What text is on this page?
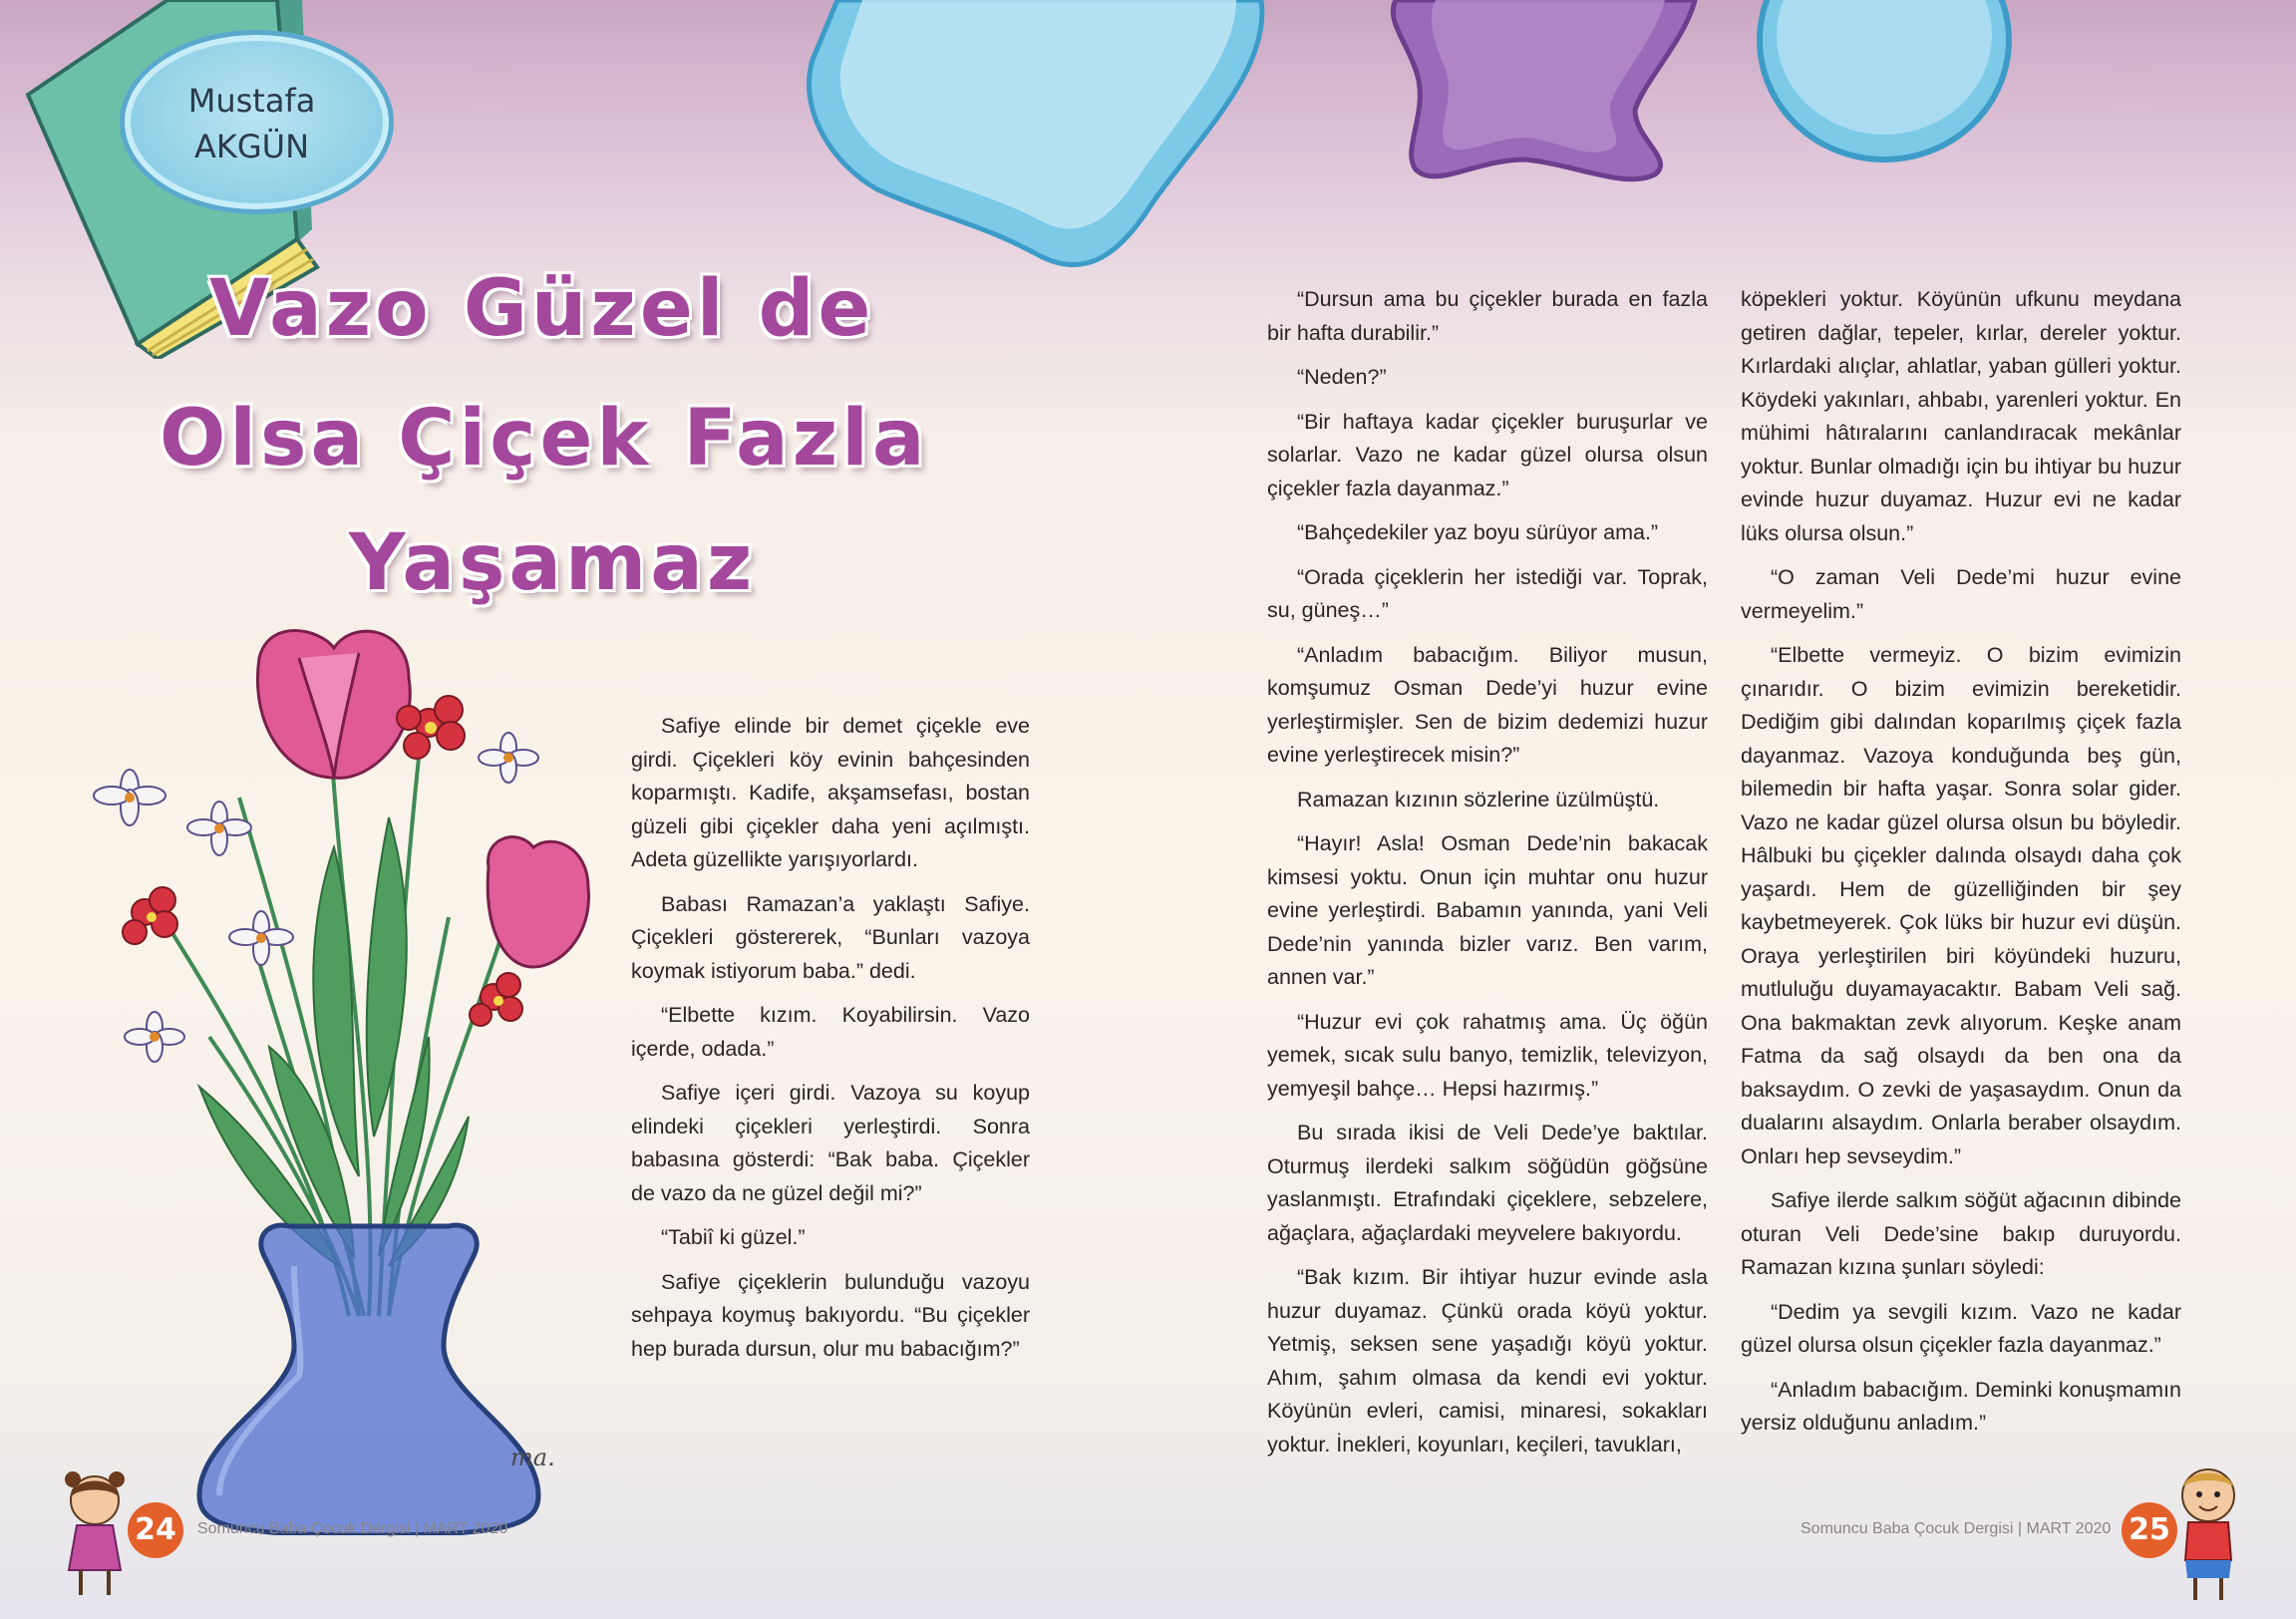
Mustafa
AKGÜN
Vazo Güzel de
Olsa Çiçek Fazla
Yaşamaz
ma.

Safiye elinde bir demet çiçekle eve girdi. Çiçekleri köy evinin bahçesinden koparmıştı. Kadife, akşamsefası, bostan güzeli gibi çiçekler daha yeni açılmıştı. Adeta güzellikte yarışıyorlardı.

Babası Ramazan’a yaklaştı Safiye. Çiçekleri göstererek, “Bunları vazoya koymak istiyorum baba.” dedi.

“Elbette kızım. Koyabilirsin. Vazo içerde, odada.”

Safiye içeri girdi. Vazoya su koyup elindeki çiçekleri yerleştirdi. Sonra babasına gösterdi: “Bak baba. Çiçekler de vazo da ne güzel değil mi?”

“Tabiî ki güzel.”

Safiye çiçeklerin bulunduğu vazoyu sehpaya koymuş bakıyordu. “Bu çiçekler hep burada dursun, olur mu babacığım?”

“Dursun ama bu çiçekler burada en fazla bir hafta durabilir.”

“Neden?”

“Bir haftaya kadar çiçekler buruşurlar ve solarlar. Vazo ne kadar güzel olursa olsun çiçekler fazla dayanmaz.”

“Bahçedekiler yaz boyu sürüyor ama.”

“Orada çiçeklerin her istediği var. Toprak, su, güneş…”

“Anladım babacığım. Biliyor musun, komşumuz Osman Dede’yi huzur evine yerleştirmişler. Sen de bizim dedemizi huzur evine yerleştirecek misin?”

Ramazan kızının sözlerine üzülmüştü.

“Hayır! Asla! Osman Dede’nin bakacak kimsesi yoktu. Onun için muhtar onu huzur evine yerleştirdi. Babamın yanında, yani Veli Dede’nin yanında bizler varız. Ben varım, annen var.”

“Huzur evi çok rahatmış ama. Üç öğün yemek, sıcak sulu banyo, temizlik, televizyon, yemyeşil bahçe… Hepsi hazırmış.”

Bu sırada ikisi de Veli Dede’ye baktılar. Oturmuş ilerdeki salkım söğüdün göğsüne yaslanmıştı. Etrafındaki çiçeklere, sebzelere, ağaçlara, ağaçlardaki meyvelere bakıyordu.

“Bak kızım. Bir ihtiyar huzur evinde asla huzur duyamaz. Çünkü orada köyü yoktur. Yetmiş, seksen sene yaşadığı köyü yoktur. Ahım, şahım olmasa da kendi evi yoktur. Köyünün evleri, camisi, minaresi, sokakları yoktur. İnekleri, koyunları, keçileri, tavukları,

köpekleri yoktur. Köyünün ufkunu meydana getiren dağlar, tepeler, kırlar, dereler yoktur. Kırlardaki alıçlar, ahlatlar, yaban gülleri yoktur. Köydeki yakınları, ahbabı, yarenleri yoktur. En mühimi hâtıralarını canlandıracak mekânlar yoktur. Bunlar olmadığı için bu ihtiyar bu huzur evinde huzur duyamaz. Huzur evi ne kadar lüks olursa olsun.”

“O zaman Veli Dede’mi huzur evine vermeyelim.”

“Elbette vermeyiz. O bizim evimizin çınarıdır. O bizim evimizin bereketidir. Dediğim gibi dalından koparılmış çiçek fazla dayanmaz. Vazoya konduğunda beş gün, bilemedin bir hafta yaşar. Sonra solar gider. Vazo ne kadar güzel olursa olsun bu böyledir. Hâlbuki bu çiçekler dalında olsaydı daha çok yaşardı. Hem de güzelliğinden bir şey kaybetmeyerek. Çok lüks bir huzur evi düşün. Oraya yerleştirilen biri köyündeki huzuru, mutluluğu duyamayacaktır. Babam Veli sağ. Ona bakmaktan zevk alıyorum. Keşke anam Fatma da sağ olsaydı da ben ona da baksaydım. O zevki de yaşasaydım. Onun da dualarını alsaydım. Onlarla beraber olsaydım. Onları hep sevseydim.”

Safiye ilerde salkım söğüt ağacının dibinde oturan Veli Dede’sine bakıp duruyordu. Ramazan kızına şunları söyledi:

“Dedim ya sevgili kızım. Vazo ne kadar güzel olursa olsun çiçekler fazla dayanmaz.”

“Anladım babacığım. Deminki konuşmamın yersiz olduğunu anladım.”

24	Somuncu Baba Çocuk Dergisi | MART 2020	Somuncu Baba Çocuk Dergisi | MART 2020 25
